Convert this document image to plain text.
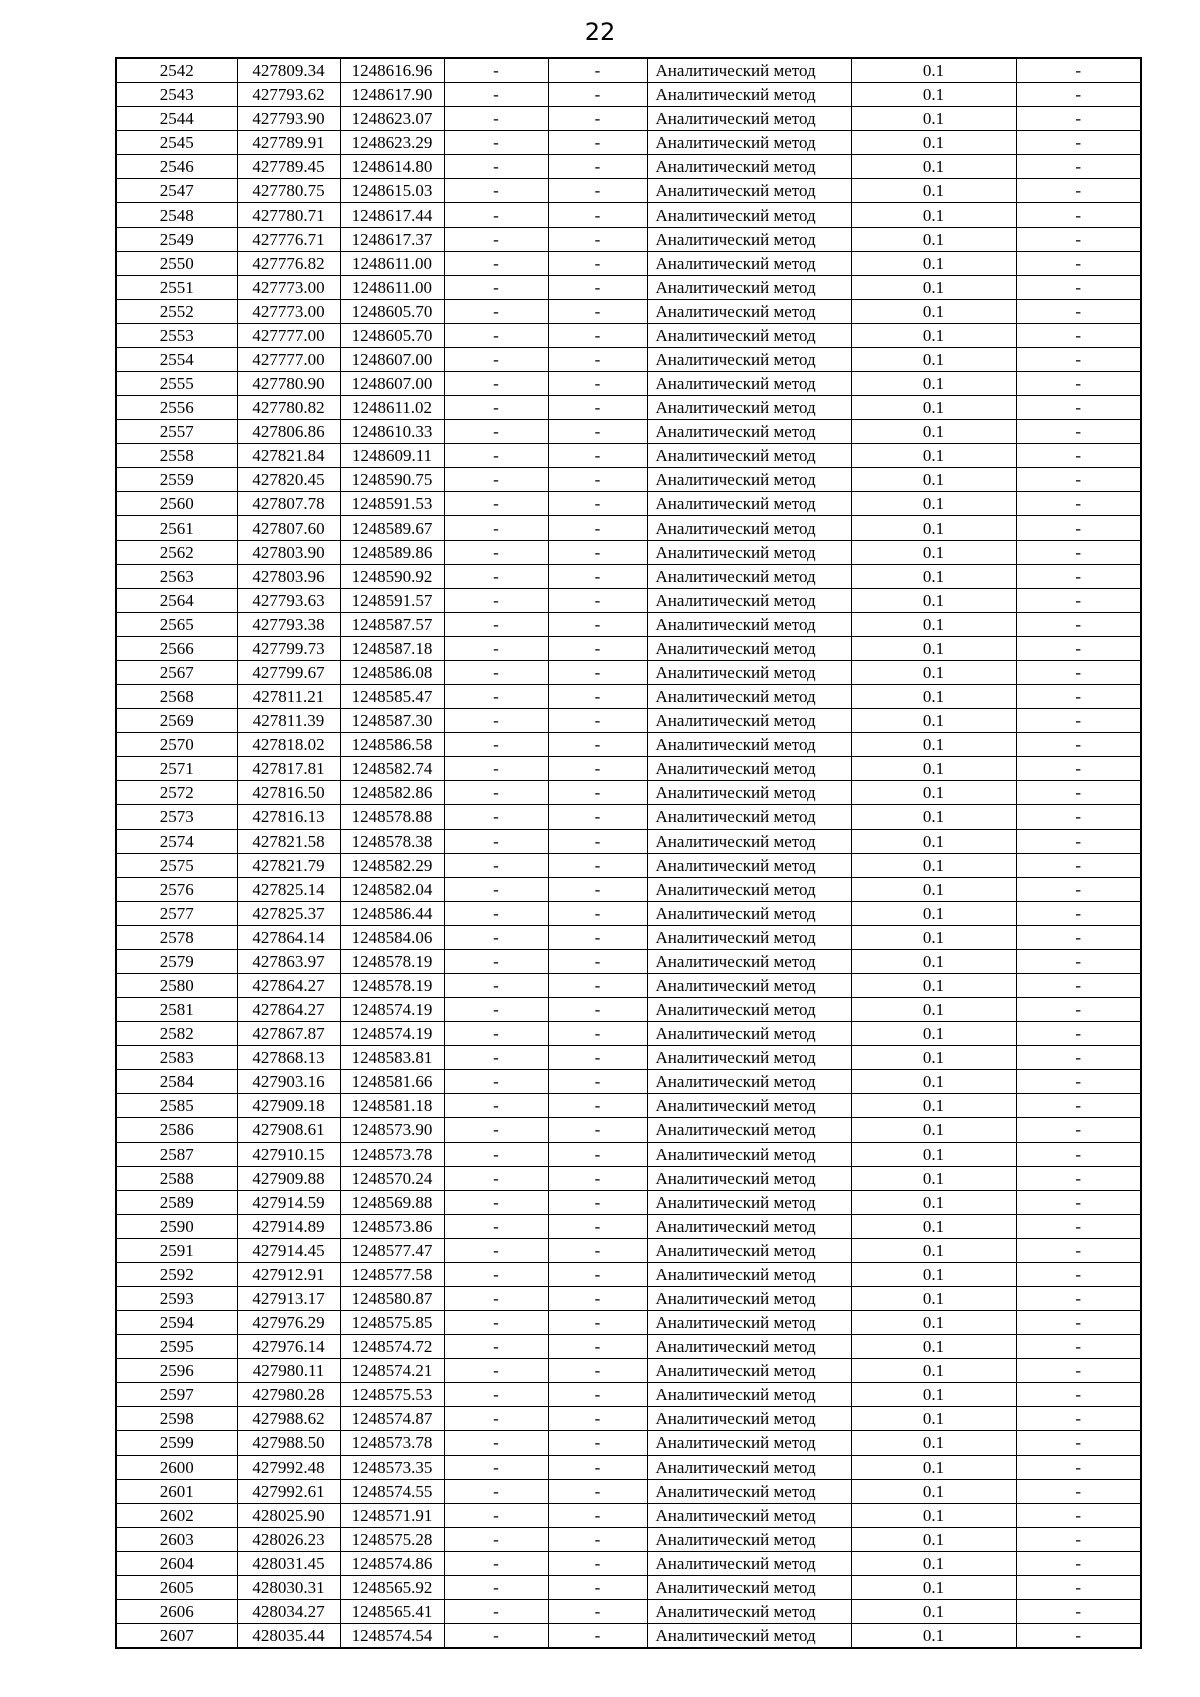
22
2542	427809.34	1248616.96	-	-	Аналитический метод	0.1	-
2543	427793.62	1248617.90	-	-	Аналитический метод	0.1	-
2544	427793.90	1248623.07	-	-	Аналитический метод	0.1	-
2545	427789.91	1248623.29	-	-	Аналитический метод	0.1	-
2546	427789.45	1248614.80	-	-	Аналитический метод	0.1	-
2547	427780.75	1248615.03	-	-	Аналитический метод	0.1	-
2548	427780.71	1248617.44	-	-	Аналитический метод	0.1	-
2549	427776.71	1248617.37	-	-	Аналитический метод	0.1	-
2550	427776.82	1248611.00	-	-	Аналитический метод	0.1	-
2551	427773.00	1248611.00	-	-	Аналитический метод	0.1	-
2552	427773.00	1248605.70	-	-	Аналитический метод	0.1	-
2553	427777.00	1248605.70	-	-	Аналитический метод	0.1	-
2554	427777.00	1248607.00	-	-	Аналитический метод	0.1	-
2555	427780.90	1248607.00	-	-	Аналитический метод	0.1	-
2556	427780.82	1248611.02	-	-	Аналитический метод	0.1	-
2557	427806.86	1248610.33	-	-	Аналитический метод	0.1	-
2558	427821.84	1248609.11	-	-	Аналитический метод	0.1	-
2559	427820.45	1248590.75	-	-	Аналитический метод	0.1	-
2560	427807.78	1248591.53	-	-	Аналитический метод	0.1	-
2561	427807.60	1248589.67	-	-	Аналитический метод	0.1	-
2562	427803.90	1248589.86	-	-	Аналитический метод	0.1	-
2563	427803.96	1248590.92	-	-	Аналитический метод	0.1	-
2564	427793.63	1248591.57	-	-	Аналитический метод	0.1	-
2565	427793.38	1248587.57	-	-	Аналитический метод	0.1	-
2566	427799.73	1248587.18	-	-	Аналитический метод	0.1	-
2567	427799.67	1248586.08	-	-	Аналитический метод	0.1	-
2568	427811.21	1248585.47	-	-	Аналитический метод	0.1	-
2569	427811.39	1248587.30	-	-	Аналитический метод	0.1	-
2570	427818.02	1248586.58	-	-	Аналитический метод	0.1	-
2571	427817.81	1248582.74	-	-	Аналитический метод	0.1	-
2572	427816.50	1248582.86	-	-	Аналитический метод	0.1	-
2573	427816.13	1248578.88	-	-	Аналитический метод	0.1	-
2574	427821.58	1248578.38	-	-	Аналитический метод	0.1	-
2575	427821.79	1248582.29	-	-	Аналитический метод	0.1	-
2576	427825.14	1248582.04	-	-	Аналитический метод	0.1	-
2577	427825.37	1248586.44	-	-	Аналитический метод	0.1	-
2578	427864.14	1248584.06	-	-	Аналитический метод	0.1	-
2579	427863.97	1248578.19	-	-	Аналитический метод	0.1	-
2580	427864.27	1248578.19	-	-	Аналитический метод	0.1	-
2581	427864.27	1248574.19	-	-	Аналитический метод	0.1	-
2582	427867.87	1248574.19	-	-	Аналитический метод	0.1	-
2583	427868.13	1248583.81	-	-	Аналитический метод	0.1	-
2584	427903.16	1248581.66	-	-	Аналитический метод	0.1	-
2585	427909.18	1248581.18	-	-	Аналитический метод	0.1	-
2586	427908.61	1248573.90	-	-	Аналитический метод	0.1	-
2587	427910.15	1248573.78	-	-	Аналитический метод	0.1	-
2588	427909.88	1248570.24	-	-	Аналитический метод	0.1	-
2589	427914.59	1248569.88	-	-	Аналитический метод	0.1	-
2590	427914.89	1248573.86	-	-	Аналитический метод	0.1	-
2591	427914.45	1248577.47	-	-	Аналитический метод	0.1	-
2592	427912.91	1248577.58	-	-	Аналитический метод	0.1	-
2593	427913.17	1248580.87	-	-	Аналитический метод	0.1	-
2594	427976.29	1248575.85	-	-	Аналитический метод	0.1	-
2595	427976.14	1248574.72	-	-	Аналитический метод	0.1	-
2596	427980.11	1248574.21	-	-	Аналитический метод	0.1	-
2597	427980.28	1248575.53	-	-	Аналитический метод	0.1	-
2598	427988.62	1248574.87	-	-	Аналитический метод	0.1	-
2599	427988.50	1248573.78	-	-	Аналитический метод	0.1	-
2600	427992.48	1248573.35	-	-	Аналитический метод	0.1	-
2601	427992.61	1248574.55	-	-	Аналитический метод	0.1	-
2602	428025.90	1248571.91	-	-	Аналитический метод	0.1	-
2603	428026.23	1248575.28	-	-	Аналитический метод	0.1	-
2604	428031.45	1248574.86	-	-	Аналитический метод	0.1	-
2605	428030.31	1248565.92	-	-	Аналитический метод	0.1	-
2606	428034.27	1248565.41	-	-	Аналитический метод	0.1	-
2607	428035.44	1248574.54	-	-	Аналитический метод	0.1	-
